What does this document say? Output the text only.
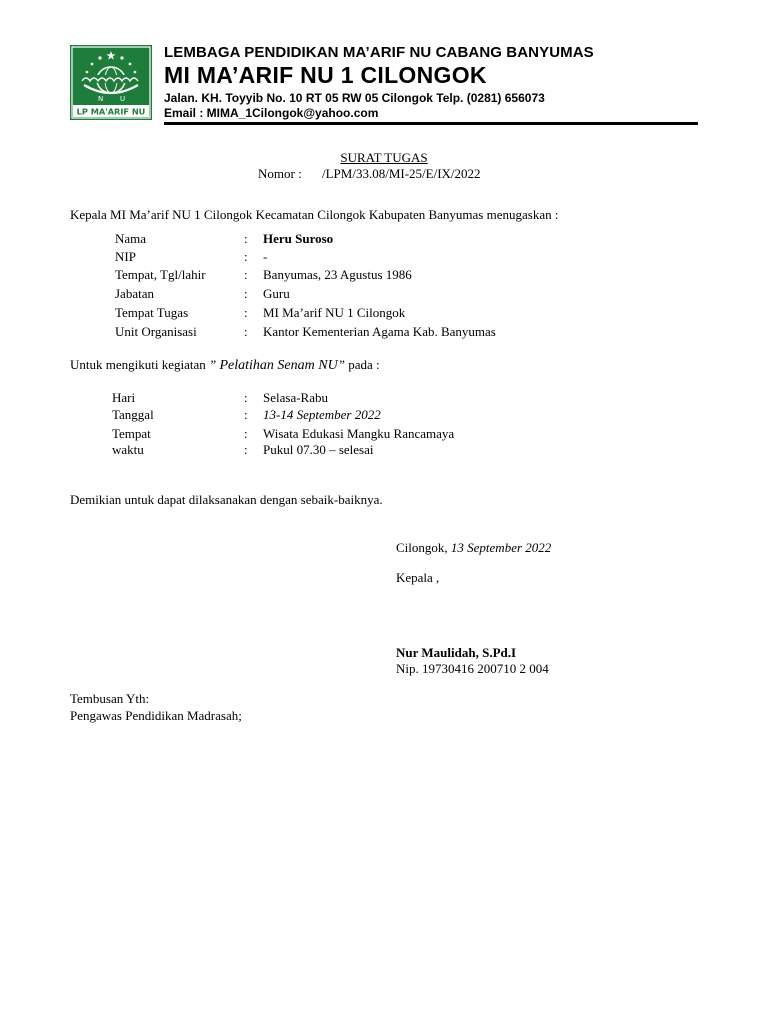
N U
LP MA'ARIF NU
LEMBAGA PENDIDIKAN MA’ARIF NU CABANG BANYUMAS
MI MA’ARIF NU 1 CILONGOK
Jalan. KH. Toyyib No. 10 RT 05 RW 05 Cilongok Telp. (0281) 656073
Email : MIMA_1Cilongok@yahoo.com
SURAT TUGAS
Nomor : /LPM/33.08/MI-25/E/IX/2022
Kepala MI Ma’arif NU 1 Cilongok Kecamatan Cilongok Kabupaten Banyumas menugaskan :
Nama	: Heru Suroso
NIP	: -
Tempat, Tgl/lahir	: Banyumas, 23 Agustus 1986
Jabatan	: Guru
Tempat Tugas	: MI Ma’arif NU 1 Cilongok
Unit Organisasi	: Kantor Kementerian Agama Kab. Banyumas
Untuk mengikuti kegiatan ” Pelatihan Senam NU” pada :
Hari	: Selasa-Rabu
Tanggal	: 13-14 September 2022
Tempat	: Wisata Edukasi Mangku Rancamaya
waktu	: Pukul 07.30 – selesai
Demikian untuk dapat dilaksanakan dengan sebaik-baiknya.
Cilongok, 13 September 2022
Kepala ,
Nur Maulidah, S.Pd.I
Nip. 19730416 200710 2 004
Tembusan Yth:
Pengawas Pendidikan Madrasah;
